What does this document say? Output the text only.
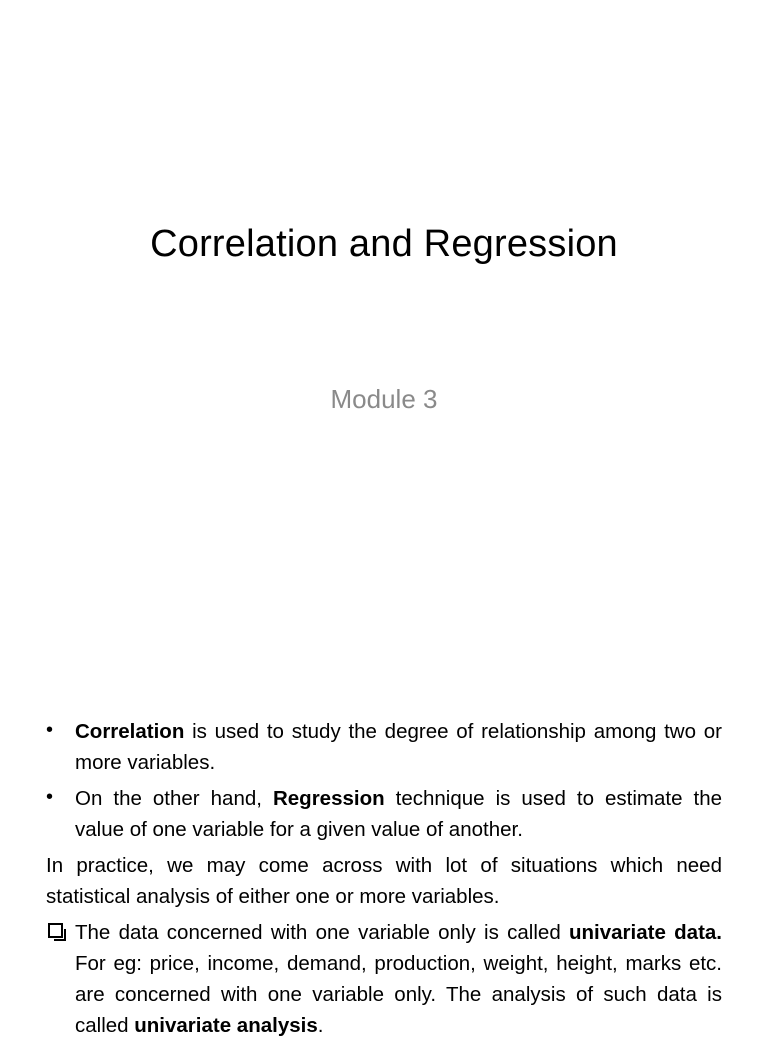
Correlation and Regression
Module 3
• Correlation is used to study the degree of relationship among two or more variables.
• On the other hand, Regression technique is used to estimate the value of one variable for a given value of another.
In practice, we may come across with lot of situations which need statistical analysis of either one or more variables.
The data concerned with one variable only is called univariate data. For eg: price, income, demand, production, weight, height, marks etc. are concerned with one variable only. The analysis of such data is called univariate analysis.
